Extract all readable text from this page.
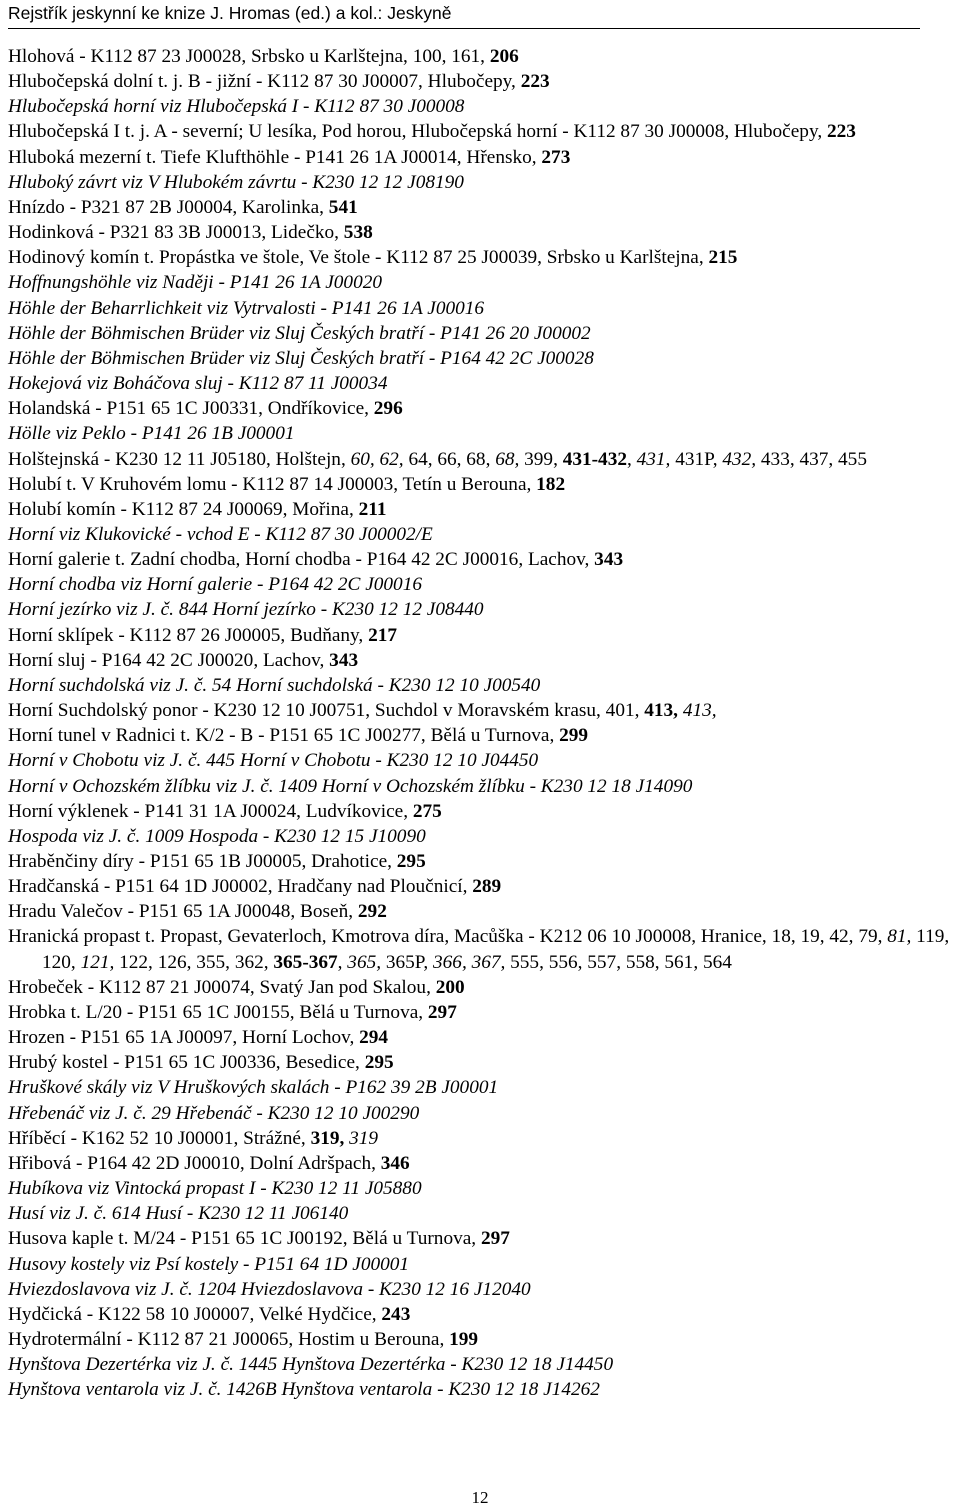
Rejstřík jeskynní ke knize J. Hromas (ed.) a kol.: Jeskyně
Hlohová - K112 87 23 J00028, Srbsko u Karlštejna, 100, 161, 206
Hlubočepská dolní t. j. B - jižní - K112 87 30 J00007, Hlubočepy, 223
Hlubočepská horní viz Hlubočepská I - K112 87 30 J00008
Hlubočepská I t. j. A - severní; U lesíka, Pod horou, Hlubočepská horní - K112 87 30 J00008, Hlubočepy, 223
Hluboká mezerní t. Tiefe Klufthöhle - P141 26 1A J00014, Hřensko, 273
Hluboký závrt viz V Hlubokém závrtu - K230 12 12 J08190
Hnízdo - P321 87 2B J00004, Karolinka, 541
Hodinková - P321 83 3B J00013, Lidečko, 538
Hodinový komín t. Propástka ve štole, Ve štole - K112 87 25 J00039, Srbsko u Karlštejna, 215
Hoffnungshöhle viz Naději - P141 26 1A J00020
Höhle der Beharrlichkeit viz Vytrvalosti - P141 26 1A J00016
Höhle der Böhmischen Brüder viz Sluj Českých bratří - P141 26 20 J00002
Höhle der Böhmischen Brüder viz Sluj Českých bratří - P164 42 2C J00028
Hokejová viz Boháčova sluj - K112 87 11 J00034
Holandská - P151 65 1C J00331, Ondříkovice, 296
Hölle viz Peklo - P141 26 1B J00001
Holštejnská - K230 12 11 J05180, Holštejn, 60, 62, 64, 66, 68, 68, 399, 431-432, 431, 431P, 432, 433, 437, 455
Holubí t. V Kruhovém lomu - K112 87 14 J00003, Tetín u Berouna, 182
Holubí komín - K112 87 24 J00069, Mořina, 211
Horní viz Klukovické - vchod E - K112 87 30 J00002/E
Horní galerie t. Zadní chodba, Horní chodba - P164 42 2C J00016, Lachov, 343
Horní chodba viz Horní galerie - P164 42 2C J00016
Horní jezírko viz J. č. 844 Horní jezírko - K230 12 12 J08440
Horní sklípek - K112 87 26 J00005, Budňany, 217
Horní sluj - P164 42 2C J00020, Lachov, 343
Horní suchdolská viz J. č. 54 Horní suchdolská - K230 12 10 J00540
Horní Suchdolský ponor - K230 12 10 J00751, Suchdol v Moravském krasu, 401, 413, 413,
Horní tunel v Radnici t. K/2 - B - P151 65 1C J00277, Bělá u Turnova, 299
Horní v Chobotu viz J. č. 445 Horní v Chobotu - K230 12 10 J04450
Horní v Ochozském žlíbku viz J. č. 1409 Horní v Ochozském žlíbku - K230 12 18 J14090
Horní výklenek - P141 31 1A J00024, Ludvíkovice, 275
Hospoda viz J. č. 1009 Hospoda - K230 12 15 J10090
Hraběnčiny díry - P151 65 1B J00005, Drahotice, 295
Hradčanská - P151 64 1D J00002, Hradčany nad Ploučnicí, 289
Hradu Valečov - P151 65 1A J00048, Boseň, 292
Hranická propast t. Propast, Gevaterloch, Kmotrova díra, Macůška - K212 06 10 J00008, Hranice, 18, 19, 42, 79, 81, 119, 120, 121, 122, 126, 355, 362, 365-367, 365, 365P, 366, 367, 555, 556, 557, 558, 561, 564
Hrobeček - K112 87 21 J00074, Svatý Jan pod Skalou, 200
Hrobka t. L/20 - P151 65 1C J00155, Bělá u Turnova, 297
Hrozen - P151 65 1A J00097, Horní Lochov, 294
Hrubý kostel - P151 65 1C J00336, Besedice, 295
Hruškové skály viz V Hruškových skalách - P162 39 2B J00001
Hřebenáč viz J. č. 29 Hřebenáč - K230 12 10 J00290
Hříběcí - K162 52 10 J00001, Strážné, 319, 319
Hřibová - P164 42 2D J00010, Dolní Adršpach, 346
Hubíkova viz Vintocká propast I - K230 12 11 J05880
Husí viz J. č. 614 Husí - K230 12 11 J06140
Husova kaple t. M/24 - P151 65 1C J00192, Bělá u Turnova, 297
Husovy kostely viz Psí kostely - P151 64 1D J00001
Hviezdoslavova viz J. č. 1204 Hviezdoslavova - K230 12 16 J12040
Hydčická - K122 58 10 J00007, Velké Hydčice, 243
Hydrotermální - K112 87 21 J00065, Hostim u Berouna, 199
Hynštova Dezertérka viz J. č. 1445 Hynštova Dezertérka - K230 12 18 J14450
Hynštova ventarola viz J. č. 1426B Hynštova ventarola - K230 12 18 J14262
12
